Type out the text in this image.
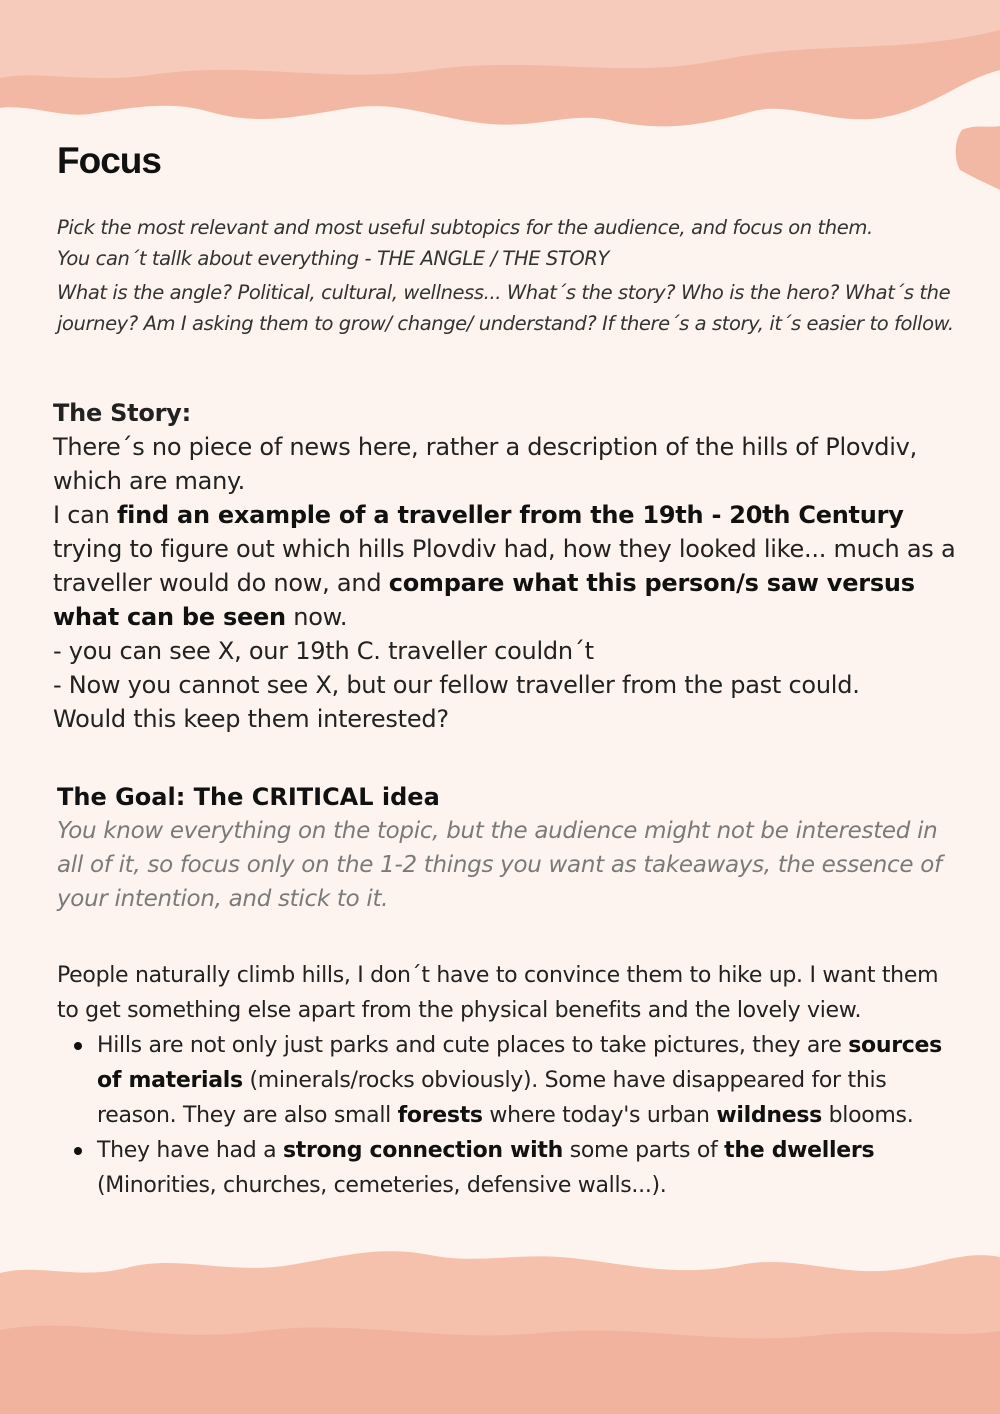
Focus

Pick the most relevant and most useful subtopics for the audience, and focus on them.

You can´t tallk about everything - THE ANGLE / THE STORY

What is the angle? Political, cultural, wellness... What´s the story? Who is the hero? What´s the journey? Am I asking them to grow/ change/ understand? If there´s a story, it´s easier to follow.

The Story:

There´s no piece of news here, rather a description of the hills of Plovdiv, which are many.

I can find an example of a traveller from the 19th - 20th Century trying to figure out which hills Plovdiv had, how they looked like... much as a traveller would do now, and compare what this person/s saw versus what can be seen now.

- you can see X, our 19th C. traveller couldn´t

- Now you cannot see X, but our fellow traveller from the past could.

Would this keep them interested?

The Goal: The CRITICAL idea

You know everything on the topic, but the audience might not be interested in all of it, so focus only on the 1-2 things you want as takeaways, the essence of your intention, and stick to it.

People naturally climb hills, I don´t have to convince them to hike up. I want them to get something else apart from the physical benefits and the lovely view.

Hills are not only just parks and cute places to take pictures, they are sources of materials (minerals/rocks obviously). Some have disappeared for this reason. They are also small forests where today's urban wildness blooms.
They have had a strong connection with some parts of the dwellers (Minorities, churches, cemeteries, defensive walls...).
